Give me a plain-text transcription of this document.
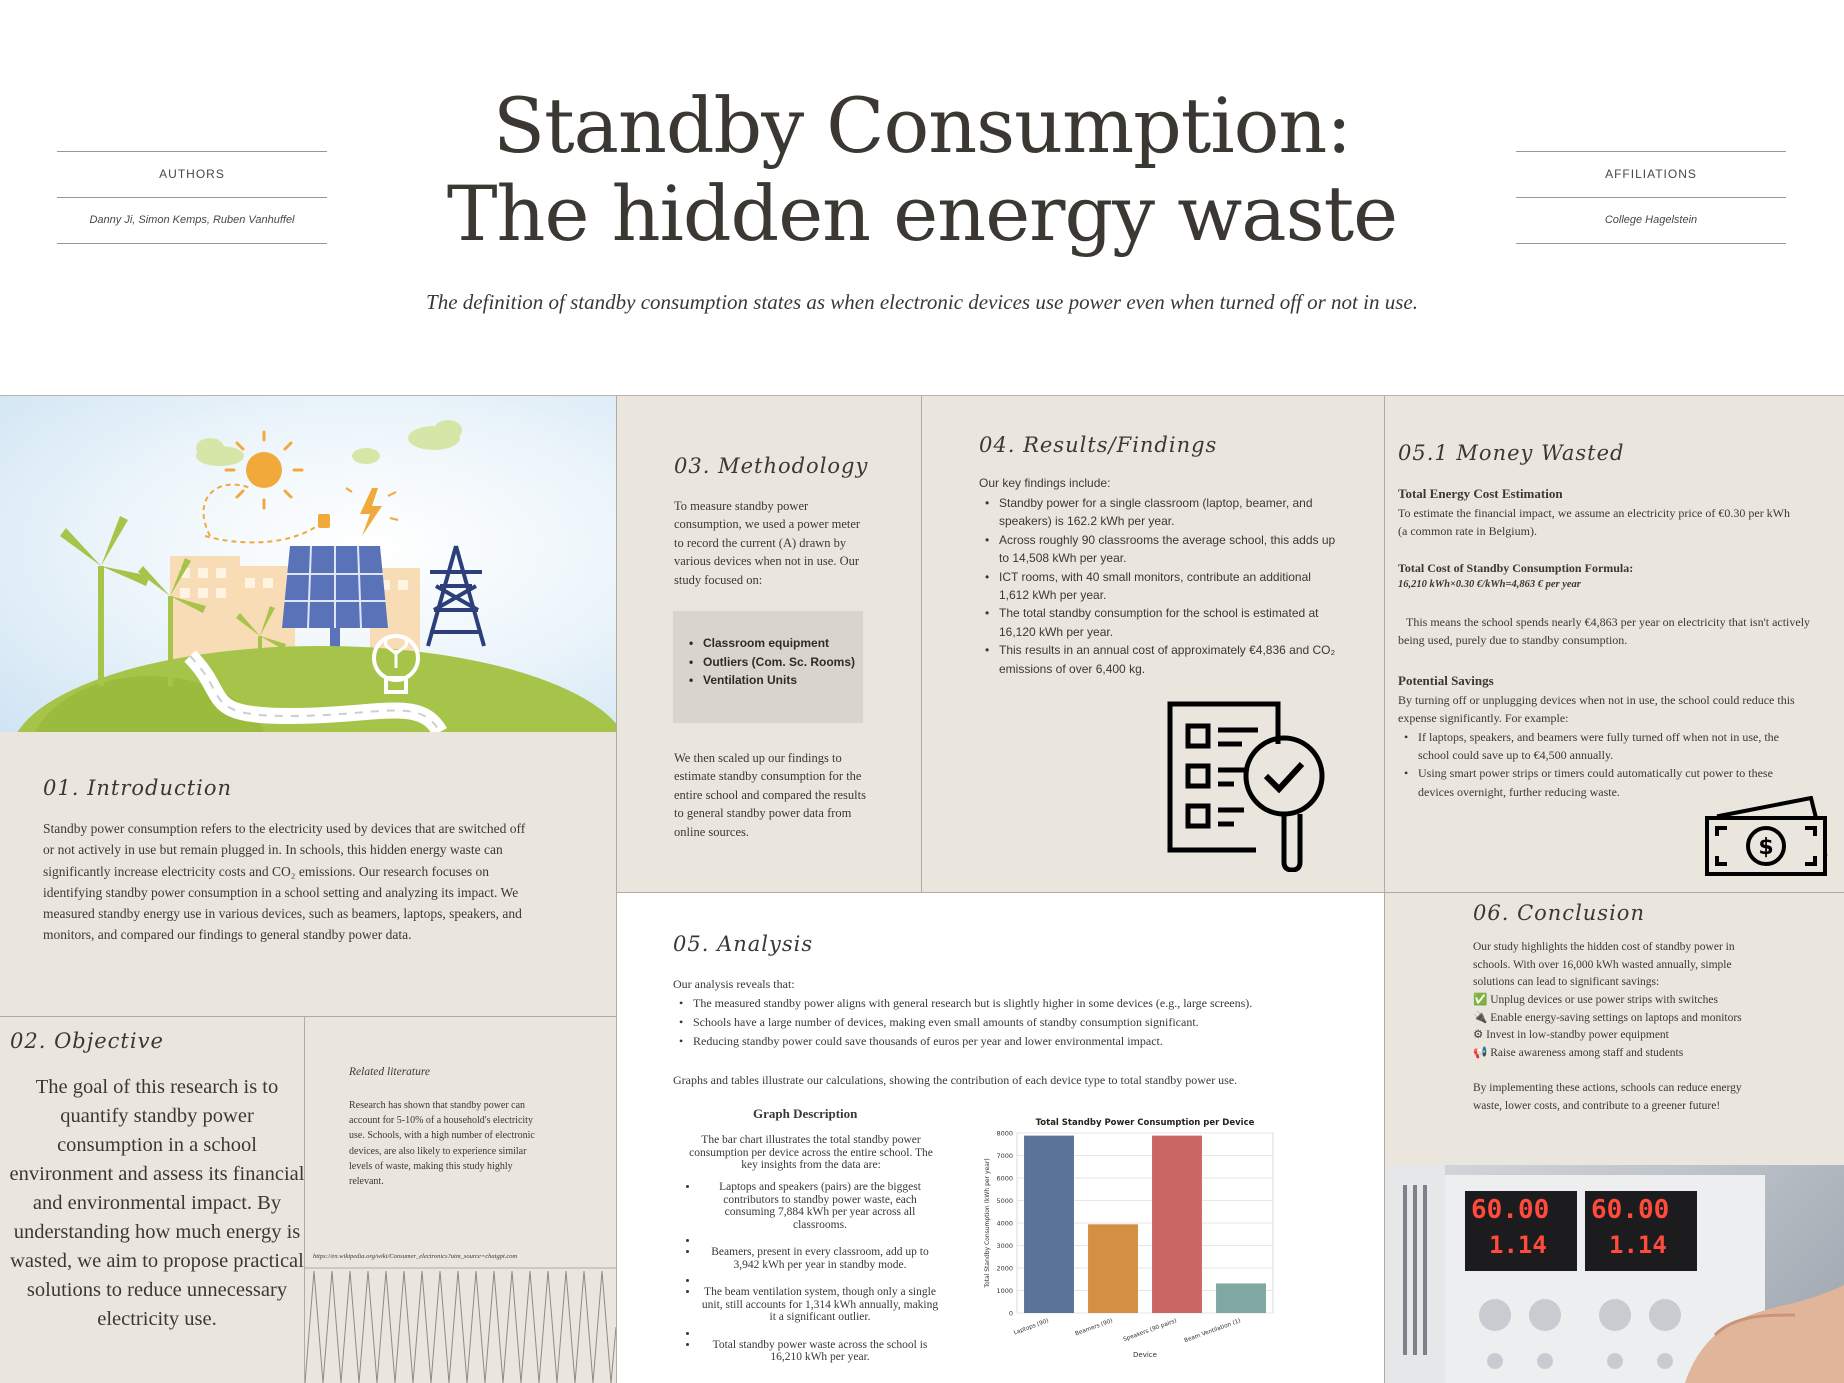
AUTHORS
Danny Ji, Simon Kemps, Ruben Vanhuffel
AFFILIATIONS
College Hagelstein
Standby Consumption:
The hidden energy waste
The definition of standby consumption states as when electronic devices use power even when turned off or not in use.
01. Introduction
Standby power consumption refers to the electricity used by devices that are switched off or not actively in use but remain plugged in. In schools, this hidden energy waste can significantly increase electricity costs and CO₂ emissions. Our research focuses on identifying standby power consumption in a school setting and analyzing its impact. We measured standby energy use in various devices, such as beamers, laptops, speakers, and monitors, and compared our findings to general standby power data.
02. Objective
The goal of this research is to quantify standby power consumption in a school environment and assess its financial and environmental impact. By understanding how much energy is wasted, we aim to propose practical solutions to reduce unnecessary electricity use.
Related literature
Research has shown that standby power can account for 5-10% of a household's electricity use. Schools, with a high number of electronic devices, are also likely to experience similar levels of waste, making this study highly relevant.
https://en.wikipedia.org/wiki/Consumer_electronics?utm_source=chatgpt.com
03. Methodology
To measure standby power consumption, we used a power meter to record the current (A) drawn by various devices when not in use. Our study focused on:
• Classroom equipment
• Outliers (Com. Sc. Rooms)
• Ventilation Units
We then scaled up our findings to estimate standby consumption for the entire school and compared the results to general standby power data from online sources.
04. Results/Findings
Our key findings include:
• Standby power for a single classroom (laptop, beamer, and speakers) is 162.2 kWh per year.
• Across roughly 90 classrooms the average school, this adds up to 14,508 kWh per year.
• ICT rooms, with 40 small monitors, contribute an additional 1,612 kWh per year.
• The total standby consumption for the school is estimated at 16,120 kWh per year.
• This results in an annual cost of approximately €4,836 and CO₂ emissions of over 6,400 kg.
05.1 Money Wasted
Total Energy Cost Estimation
To estimate the financial impact, we assume an electricity price of €0.30 per kWh (a common rate in Belgium).
Total Cost of Standby Consumption Formula:
16,210 kWh×0.30 €/kWh=4,863 € per year
This means the school spends nearly €4,863 per year on electricity that isn't actively being used, purely due to standby consumption.
Potential Savings
By turning off or unplugging devices when not in use, the school could reduce this expense significantly. For example:
• If laptops, speakers, and beamers were fully turned off when not in use, the school could save up to €4,500 annually.
• Using smart power strips or timers could automatically cut power to these devices overnight, further reducing waste.
$
05. Analysis
Our analysis reveals that:
• The measured standby power aligns with general research but is slightly higher in some devices (e.g., large screens).
• Schools have a large number of devices, making even small amounts of standby consumption significant.
• Reducing standby power could save thousands of euros per year and lower environmental impact.
Graphs and tables illustrate our calculations, showing the contribution of each device type to total standby power use.
Graph Description
The bar chart illustrates the total standby power consumption per device across the entire school. The key insights from the data are:
• Laptops and speakers (pairs) are the biggest contributors to standby power waste, each consuming 7,884 kWh per year across all classrooms.
•
• Beamers, present in every classroom, add up to 3,942 kWh per year in standby mode.
•
• The beam ventilation system, though only a single unit, still accounts for 1,314 kWh annually, making it a significant outlier.
•
• Total standby power waste across the school is 16,210 kWh per year.
Total Standby Power Consumption per Device
0
1000
2000
3000
4000
5000
6000
7000
8000
Laptops (90)	Beamers (90) Speakers (90 pairs) Beam Ventilation (1)
Device
Total Standby Consumption (kWh per year)
06. Conclusion
Our study highlights the hidden cost of standby power in schools. With over 16,000 kWh wasted annually, simple solutions can lead to significant savings:
✅ Unplug devices or use power strips with switches
🔌 Enable energy-saving settings on laptops and monitors
⚙ Invest in low-standby power equipment
📢 Raise awareness among staff and students
By implementing these actions, schools can reduce energy waste, lower costs, and contribute to a greener future!
60.00
1.14
60.00
1.14
